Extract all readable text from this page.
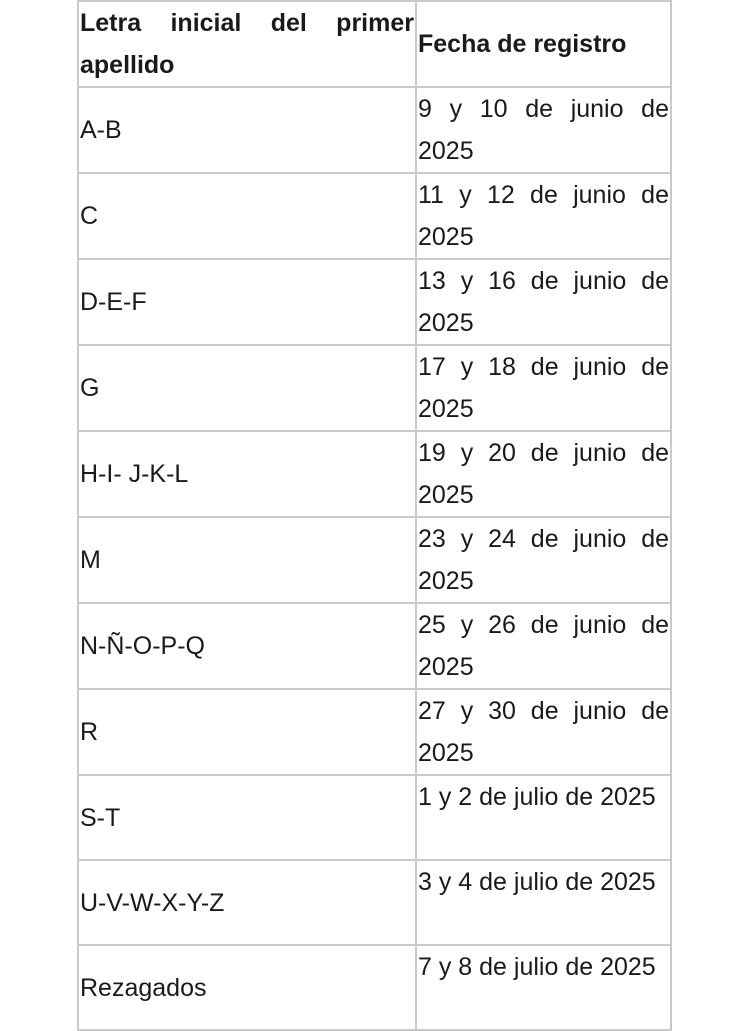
Letra inicial del primer apellido	Fecha de registro
A-B	9 y 10 de junio de 2025
C	11 y 12 de junio de 2025
D-E-F	13 y 16 de junio de 2025
G	17 y 18 de junio de 2025
H-I- J-K-L	19 y 20 de junio de 2025
M	23 y 24 de junio de 2025
N-Ñ-O-P-Q	25 y 26 de junio de 2025
R	27 y 30 de junio de 2025
S-T	1 y 2 de julio de 2025
U-V-W-X-Y-Z	3 y 4 de julio de 2025
Rezagados	7 y 8 de julio de 2025
